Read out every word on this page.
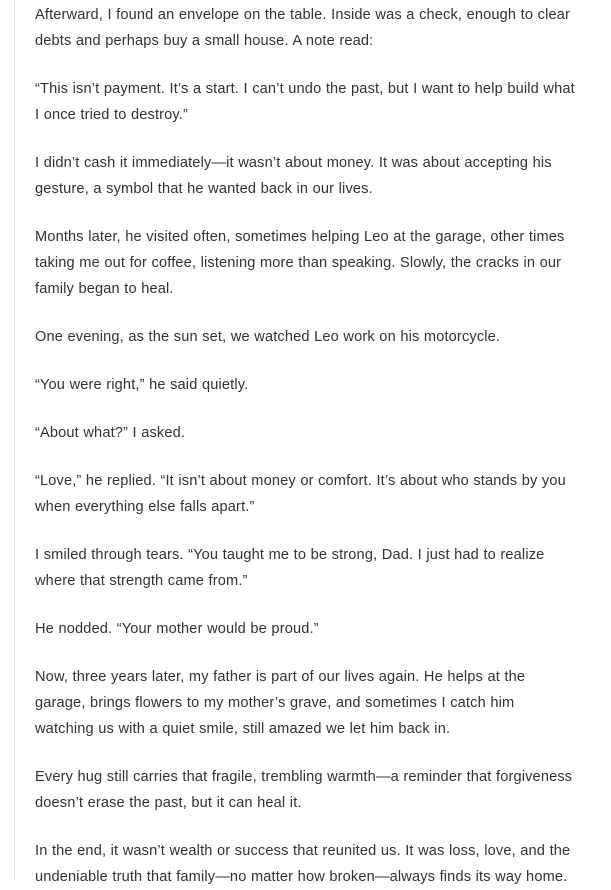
Afterward, I found an envelope on the table. Inside was a check, enough to clear debts and perhaps buy a small house. A note read:

“This isn’t payment. It’s a start. I can’t undo the past, but I want to help build what I once tried to destroy.”

I didn’t cash it immediately—it wasn’t about money. It was about accepting his gesture, a symbol that he wanted back in our lives.

Months later, he visited often, sometimes helping Leo at the garage, other times taking me out for coffee, listening more than speaking. Slowly, the cracks in our family began to heal.

One evening, as the sun set, we watched Leo work on his motorcycle.

“You were right,” he said quietly.

“About what?” I asked.

“Love,” he replied. “It isn’t about money or comfort. It’s about who stands by you when everything else falls apart.”

I smiled through tears. “You taught me to be strong, Dad. I just had to realize where that strength came from.”

He nodded. “Your mother would be proud.”

Now, three years later, my father is part of our lives again. He helps at the garage, brings flowers to my mother’s grave, and sometimes I catch him watching us with a quiet smile, still amazed we let him back in.

Every hug still carries that fragile, trembling warmth—a reminder that forgiveness doesn’t erase the past, but it can heal it.

In the end, it wasn’t wealth or success that reunited us. It was loss, love, and the undeniable truth that family—no matter how broken—always finds its way home.
